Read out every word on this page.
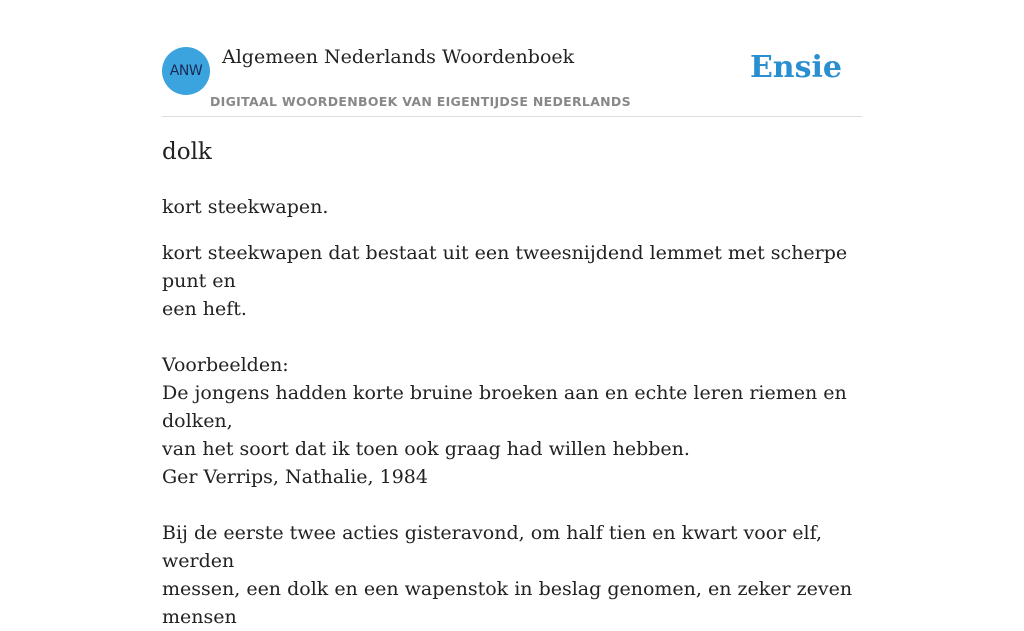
ANW
Algemeen Nederlands Woordenboek
DIGITAAL WOORDENBOEK VAN EIGENTIJDSE NEDERLANDS
Ensie
dolk
kort steekwapen.

kort steekwapen dat bestaat uit een tweesnijdend lemmet met scherpe punt en

een heft.

Voorbeelden:

De jongens hadden korte bruine broeken aan en echte leren riemen en dolken,

van het soort dat ik toen ook graag had willen hebben.

Ger Verrips, Nathalie, 1984

Bij de eerste twee acties gisteravond, om half tien en kwart voor elf, werden

messen, een dolk en een wapenstok in beslag genomen, en zeker zeven mensen
